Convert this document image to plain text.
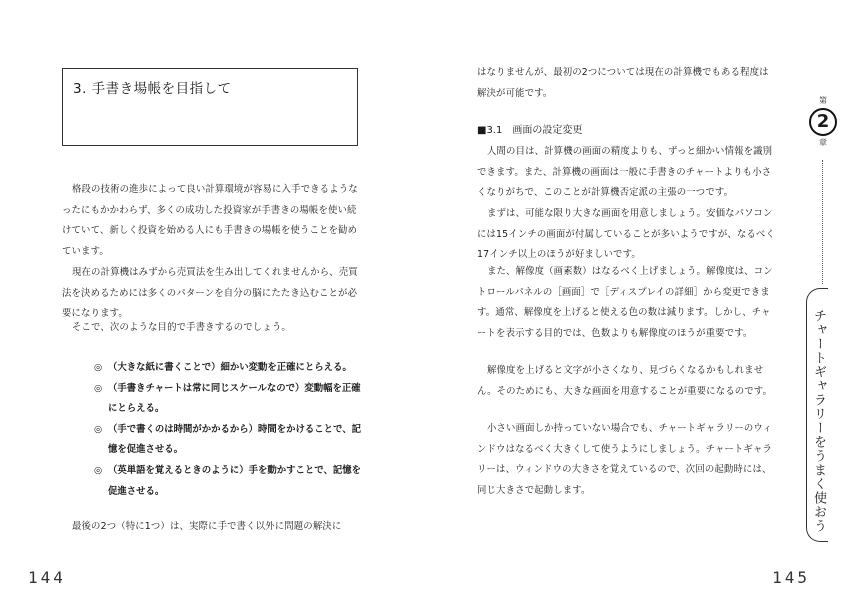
3. 手書き場帳を目指して

格段の技術の進歩によって良い計算環境が容易に入手できるようなったにもかかわらず、多くの成功した投資家が手書きの場帳を使い続けていて、新しく投資を始める人にも手書きの場帳を使うことを勧めています。

現在の計算機はみずから売買法を生み出してくれませんから、売買法を決めるためには多くのパターンを自分の脳にたたき込むことが必要になります。

そこで、次のような目的で手書きするのでしょう。

◎ （大きな紙に書くことで）細かい変動を正確にとらえる。
◎ （手書きチャートは常に同じスケールなので）変動幅を正確にとらえる。
◎ （手で書くのは時間がかかるから）時間をかけることで、記憶を促進させる。
◎ （英単語を覚えるときのように）手を動かすことで、記憶を促進させる。

最後の2つ（特に1つ）は、実際に手で書く以外に問題の解決に

144

はなりませんが、最初の2つについては現在の計算機でもある程度は解決が可能です。

■3.1　画面の設定変更

人間の目は、計算機の画面の精度よりも、ずっと細かい情報を識別できます。また、計算機の画面は一般に手書きのチャートよりも小さくなりがちで、このことが計算機否定派の主張の一つです。

まずは、可能な限り大きな画面を用意しましょう。安価なパソコンには15インチの画面が付属していることが多いようですが、なるべく17インチ以上のほうが好ましいです。

また、解像度（画素数）はなるべく上げましょう。解像度は、コントロールパネルの［画面］で［ディスプレイの詳細］から変更できます。通常、解像度を上げると使える色の数は減ります。しかし、チャートを表示する目的では、色数よりも解像度のほうが重要です。

解像度を上げると文字が小さくなり、見づらくなるかもしれません。そのためにも、大きな画面を用意することが重要になるのです。

小さい画面しか持っていない場合でも、チャートギャラリーのウィンドウはなるべく大きくして使うようにしましょう。チャートギャラリーは、ウィンドウの大きさを覚えているので、次回の起動時には、同じ大きさで起動します。

第
2
章
チャートギャラリーをうまく使おう
145
